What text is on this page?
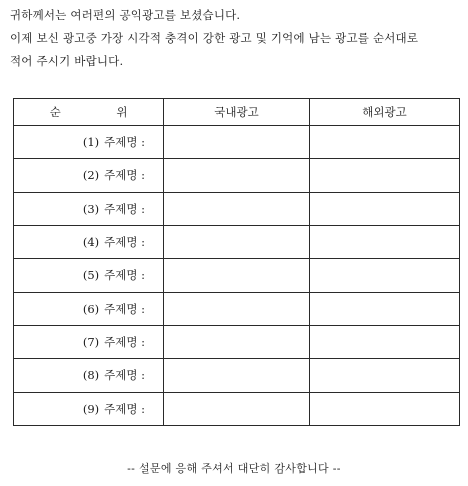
귀하께서는 여러편의 공익광고를 보셨습니다.
이제 보신 광고중 가장 시각적 충격이 강한 광고 및 기억에 남는 광고를 순서대로
적어 주시기 바랍니다.
순 위	국내광고	해외광고
(1) 주제명 :		
(2) 주제명 :		
(3) 주제명 :		
(4) 주제명 :		
(5) 주제명 :		
(6) 주제명 :		
(7) 주제명 :		
(8) 주제명 :		
(9) 주제명 :		
-- 설문에 응해 주셔서 대단히 감사합니다 --
